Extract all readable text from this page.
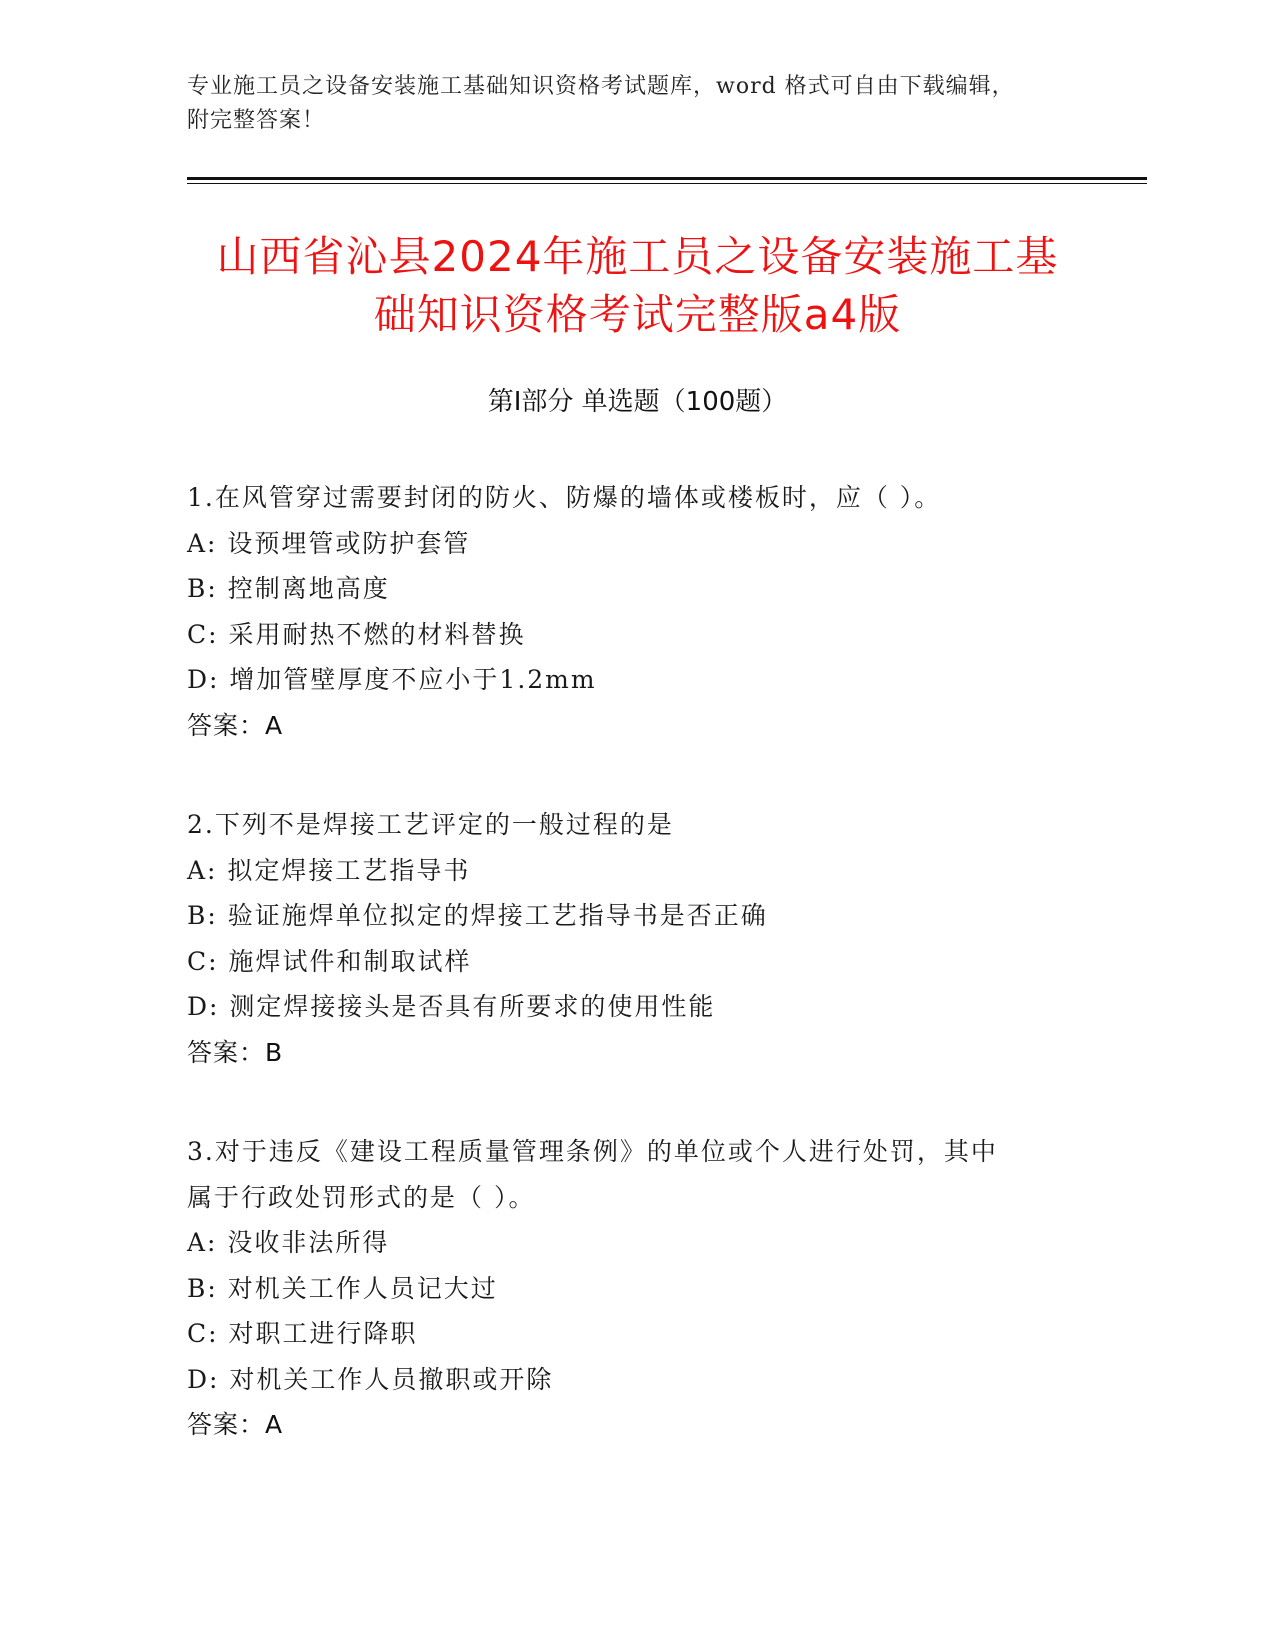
专业施工员之设备安装施工基础知识资格考试题库，word 格式可自由下载编辑，
附完整答案！
山西省沁县2024年施工员之设备安装施工基
础知识资格考试完整版a4版
第Ⅰ部分 单选题（100题）
1.在风管穿过需要封闭的防火、防爆的墙体或楼板时，应（ ）。
A: 设预埋管或防护套管
B: 控制离地高度
C: 采用耐热不燃的材料替换
D: 增加管壁厚度不应小于1.2mm
答案：A
2.下列不是焊接工艺评定的一般过程的是
A: 拟定焊接工艺指导书
B: 验证施焊单位拟定的焊接工艺指导书是否正确
C: 施焊试件和制取试样
D: 测定焊接接头是否具有所要求的使用性能
答案：B
3.对于违反《建设工程质量管理条例》的单位或个人进行处罚，其中
属于行政处罚形式的是（ ）。
A: 没收非法所得
B: 对机关工作人员记大过
C: 对职工进行降职
D: 对机关工作人员撤职或开除
答案：A
